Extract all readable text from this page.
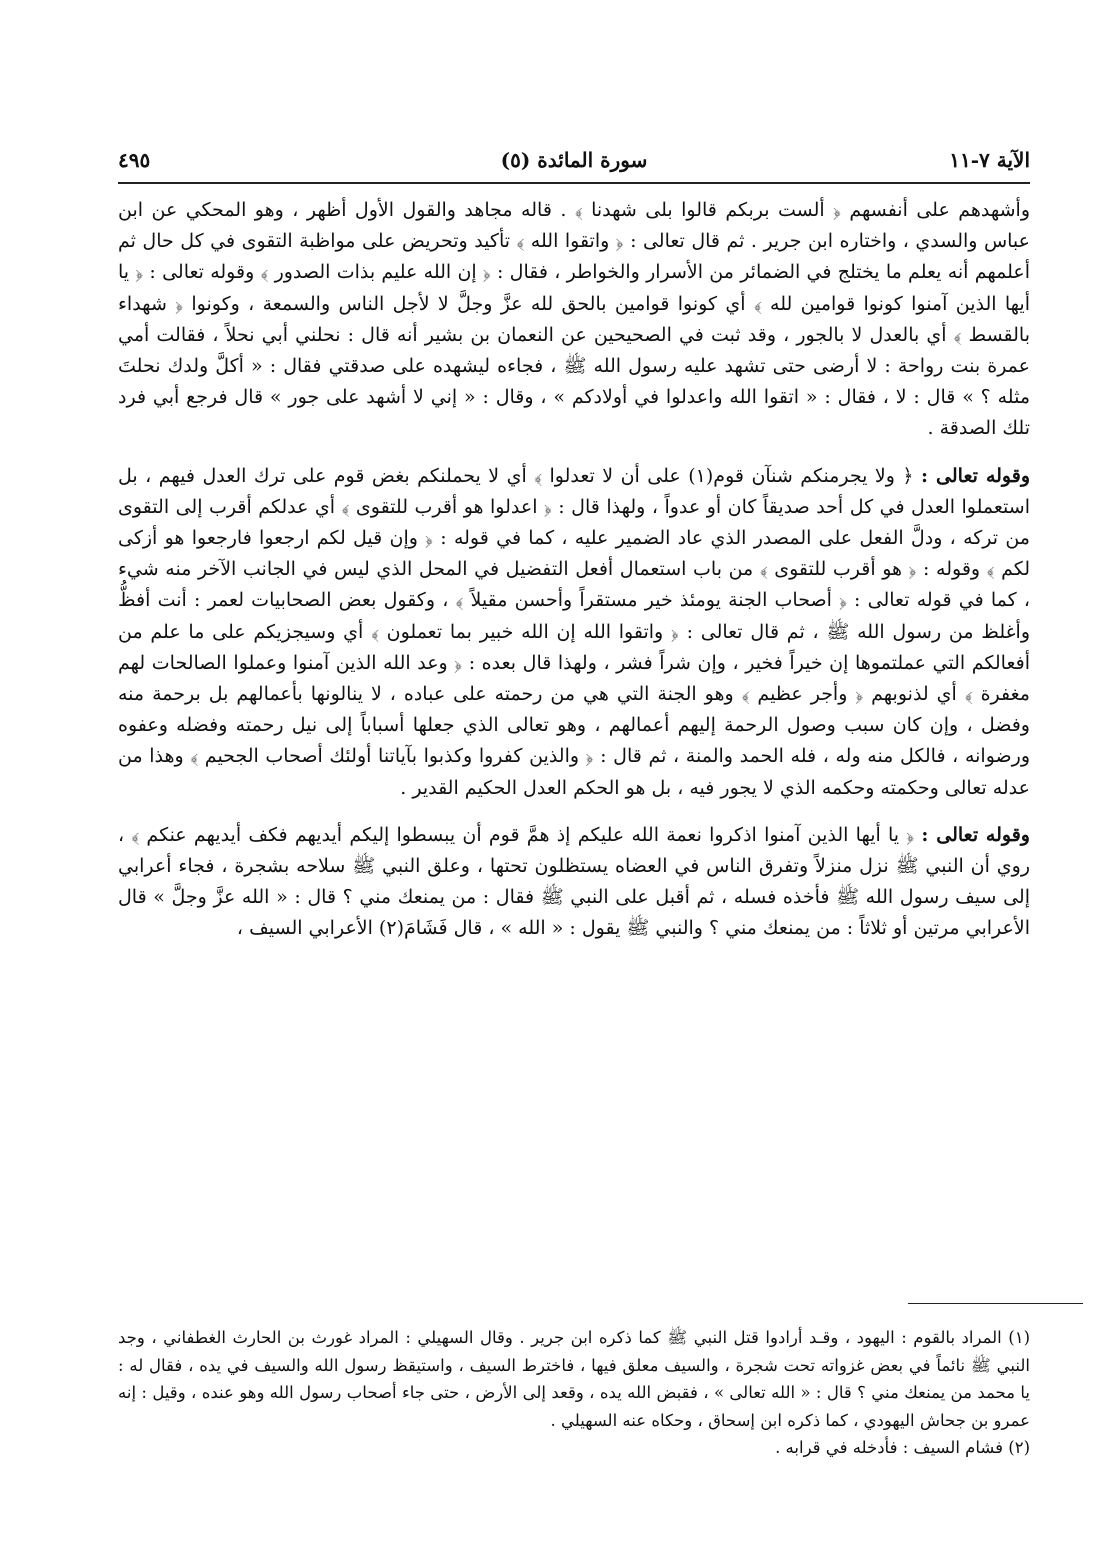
٤٩٥	(٥) سورة المائدة	الآية ٧-١١

وأشهدهم على أنفسهم ﴿ ألست بربكم قالوا بلى شهدنا ﴾ . قاله مجاهد والقول الأول أظهر ، وهو المحكي عن ابن عباس والسدي ، واختاره ابن جرير . ثم قال تعالى : ﴿ واتقوا الله ﴾ تأكيد وتحريض على مواظبة التقوى في كل حال ثم أعلمهم أنه يعلم ما يختلج في الضمائر من الأسرار والخواطر ، فقال : ﴿ إن الله عليم بذات الصدور ﴾ وقوله تعالى : ﴿ يا أيها الذين آمنوا كونوا قوامين لله ﴾ أي كونوا قوامين بالحق لله عزَّ وجلَّ لا لأجل الناس والسمعة ، وكونوا ﴿ شهداء بالقسط ﴾ أي بالعدل لا بالجور ، وقد ثبت في الصحيحين عن النعمان بن بشير أنه قال : نحلني أبي نحلاً ، فقالت أمي عمرة بنت رواحة : لا أرضى حتى تشهد عليه رسول الله ﷺ ، فجاءه ليشهده على صدقتي فقال : « أكلَّ ولدك نحلتَ مثله ؟ » قال : لا ، فقال : « اتقوا الله واعدلوا في أولادكم » ، وقال : « إني لا أشهد على جور » قال فرجع أبي فرد تلك الصدقة .

وقوله تعالى : ﴿ ولا يجرمنكم شنآن قوم(١) على أن لا تعدلوا ﴾ أي لا يحملنكم بغض قوم على ترك العدل فيهم ، بل استعملوا العدل في كل أحد صديقاً كان أو عدواً ، ولهذا قال : ﴿ اعدلوا هو أقرب للتقوى ﴾ أي عدلكم أقرب إلى التقوى من تركه ، ودلَّ الفعل على المصدر الذي عاد الضمير عليه ، كما في قوله : ﴿ وإن قيل لكم ارجعوا فارجعوا هو أزكى لكم ﴾ وقوله : ﴿ هو أقرب للتقوى ﴾ من باب استعمال أفعل التفضيل في المحل الذي ليس في الجانب الآخر منه شيء ، كما في قوله تعالى : ﴿ أصحاب الجنة يومئذ خير مستقراً وأحسن مقيلاً ﴾ ، وكقول بعض الصحابيات لعمر : أنت أفظُّ وأغلظ من رسول الله ﷺ ، ثم قال تعالى : ﴿ واتقوا الله إن الله خبير بما تعملون ﴾ أي وسيجزيكم على ما علم من أفعالكم التي عملتموها إن خيراً فخير ، وإن شراً فشر ، ولهذا قال بعده : ﴿ وعد الله الذين آمنوا وعملوا الصالحات لهم مغفرة ﴾ أي لذنوبهم ﴿ وأجر عظيم ﴾ وهو الجنة التي هي من رحمته على عباده ، لا ينالونها بأعمالهم بل برحمة منه وفضل ، وإن كان سبب وصول الرحمة إليهم أعمالهم ، وهو تعالى الذي جعلها أسباباً إلى نيل رحمته وفضله وعفوه ورضوانه ، فالكل منه وله ، فله الحمد والمنة ، ثم قال : ﴿ والذين كفروا وكذبوا بآياتنا أولئك أصحاب الجحيم ﴾ وهذا من عدله تعالى وحكمته وحكمه الذي لا يجور فيه ، بل هو الحكم العدل الحكيم القدير .

وقوله تعالى : ﴿ يا أيها الذين آمنوا اذكروا نعمة الله عليكم إذ همَّ قوم أن يبسطوا إليكم أيديهم فكف أيديهم عنكم ﴾ ، روي أن النبي ﷺ نزل منزلاً وتفرق الناس في العضاه يستظلون تحتها ، وعلق النبي ﷺ سلاحه بشجرة ، فجاء أعرابي إلى سيف رسول الله ﷺ فأخذه فسله ، ثم أقبل على النبي ﷺ فقال : من يمنعك مني ؟ قال : « الله عزَّ وجلَّ » قال الأعرابي مرتين أو ثلاثاً : من يمنعك مني ؟ والنبي ﷺ يقول : « الله » ، قال فَشَامَ(٢) الأعرابي السيف ،

(١) المراد بالقوم : اليهود ، وقـد أرادوا قتل النبي ﷺ كما ذكره ابن جرير . وقال السهيلي : المراد غورث بن الحارث الغطفاني ، وجد النبي ﷺ نائماً في بعض غزواته تحت شجرة ، والسيف معلق فيها ، فاخترط السيف ، واستيقظ رسول الله والسيف في يده ، فقال له : يا محمد من يمنعك مني ؟ قال : « الله تعالى » ، فقبض الله يده ، وقعد إلى الأرض ، حتى جاء أصحاب رسول الله وهو عنده ، وقيل : إنه عمرو بن جحاش اليهودي ، كما ذكره ابن إسحاق ، وحكاه عنه السهيلي .

(٢) فشام السيف : فأدخله في قرابه .
